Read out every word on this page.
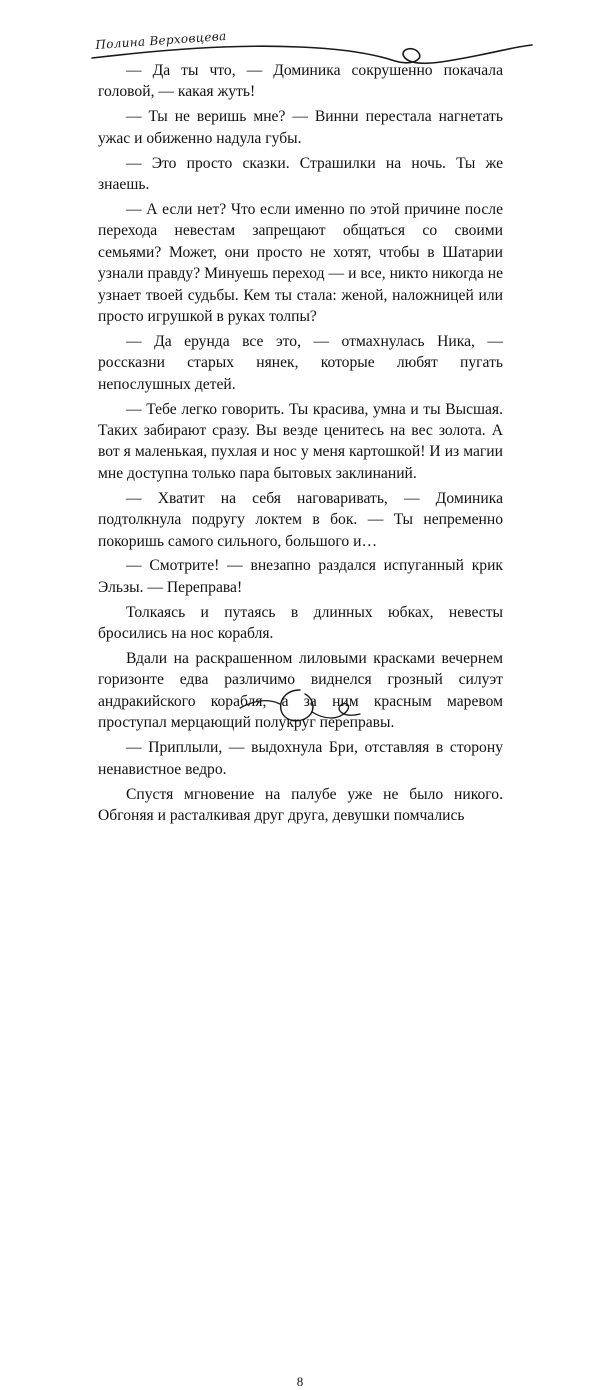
Полина Верховцева

— Да ты что, — Доминика сокрушенно покачала головой, — какая жуть!

— Ты не веришь мне? — Винни перестала нагнетать ужас и обиженно надула губы.

— Это просто сказки. Страшилки на ночь. Ты же знаешь.

— А если нет? Что если именно по этой причине после перехода невестам запрещают общаться со своими семьями? Может, они просто не хотят, чтобы в Шатарии узнали правду? Минуешь переход — и все, никто никогда не узнает твоей судьбы. Кем ты стала: женой, наложницей или просто игрушкой в руках толпы?

— Да ерунда все это, — отмахнулась Ника, — россказни старых нянек, которые любят пугать непослушных детей.

— Тебе легко говорить. Ты красива, умна и ты Высшая. Таких забирают сразу. Вы везде ценитесь на вес золота. А вот я маленькая, пухлая и нос у меня картошкой! И из магии мне доступна только пара бытовых заклинаний.

— Хватит на себя наговаривать, — Доминика подтолкнула подругу локтем в бок. — Ты непременно покоришь самого сильного, большого и…

— Смотрите! — внезапно раздался испуганный крик Эльзы. — Переправа!

Толкаясь и путаясь в длинных юбках, невесты бросились на нос корабля.

Вдали на раскрашенном лиловыми красками вечернем горизонте едва различимо виднелся грозный силуэт андракийского корабля, а за ним красным маревом проступал мерцающий полукруг переправы.

— Приплыли, — выдохнула Бри, отставляя в сторону ненавистное ведро.

Спустя мгновение на палубе уже не было никого. Обгоняя и расталкивая друг друга, девушки помчались

8
